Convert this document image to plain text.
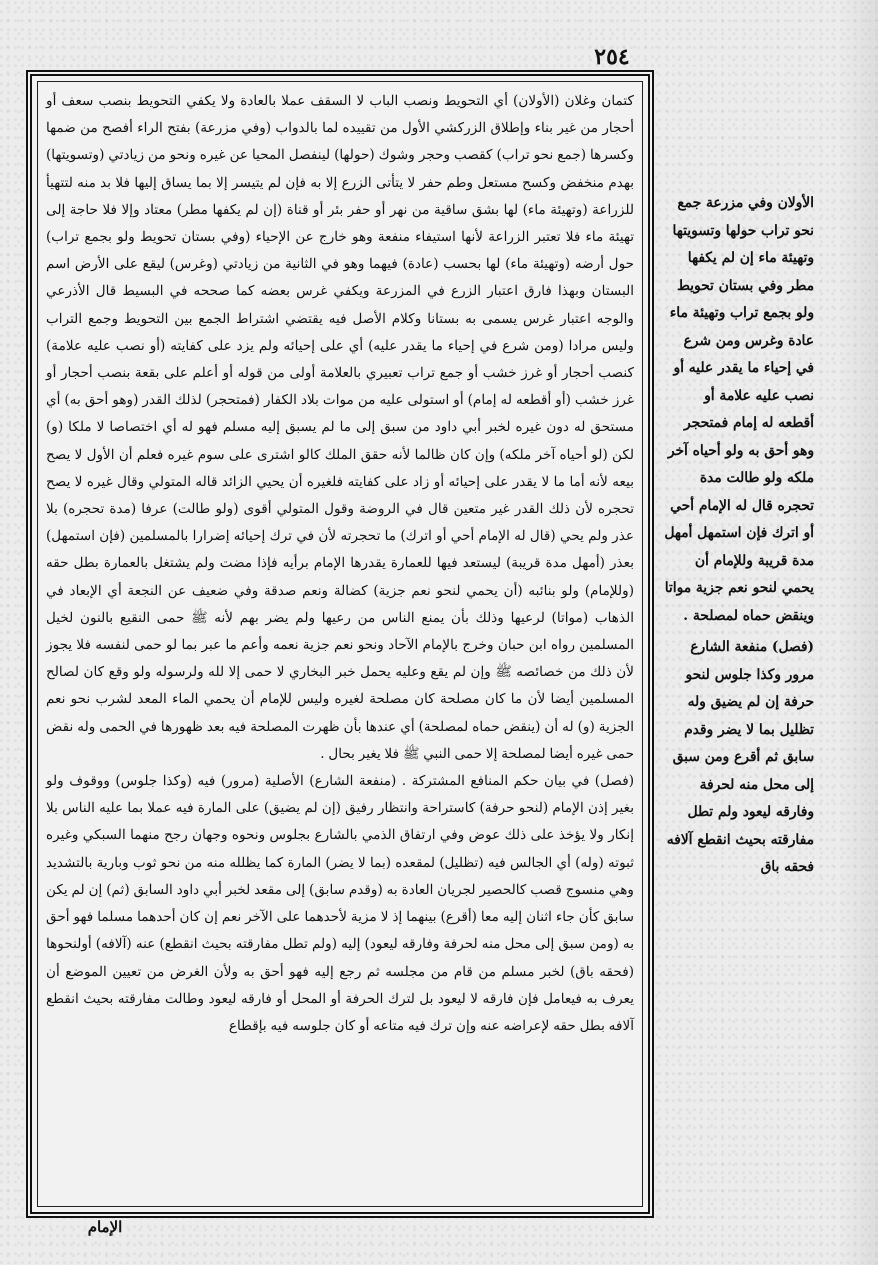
٢٥٤

كتمان وغلان (الأولان) أي التحويط ونصب الباب لا السقف عملا بالعادة ولا يكفي التحويط بنصب سعف أو أحجار من غير بناء وإطلاق الزركشي الأول من تقييده لما بالدواب (وفي مزرعة) بفتح الراء أفصح من ضمها وكسرها (جمع نحو تراب) كقصب وحجر وشوك (حولها) لينفصل المحيا عن غيره ونحو من زيادتي (وتسويتها) بهدم منخفض وكسح مستعل وطم حفر لا يتأتى الزرع إلا به فإن لم يتيسر إلا بما يساق إليها فلا بد منه لتتهيأ للزراعة (وتهيئة ماء) لها بشق ساقية من نهر أو حفر بئر أو قناة (إن لم يكفها مطر) معتاد وإلا فلا حاجة إلى تهيئة ماء فلا تعتبر الزراعة لأنها استيفاء منفعة وهو خارج عن الإحياء (وفي بستان تحويط ولو بجمع تراب) حول أرضه (وتهيئة ماء) لها بحسب (عادة) فيهما وهو في الثانية من زيادتي (وغرس) ليقع على الأرض اسم البستان وبهذا فارق اعتبار الزرع في المزرعة ويكفي غرس بعضه كما صححه في البسيط قال الأذرعي والوجه اعتبار غرس يسمى به بستانا وكلام الأصل فيه يقتضي اشتراط الجمع بين التحويط وجمع التراب وليس مرادا (ومن شرع في إحياء ما يقدر عليه) أي على إحيائه ولم يزد على كفايته (أو نصب عليه علامة) كنصب أحجار أو غرز خشب أو جمع تراب تعبيري بالعلامة أولى من قوله أو أعلم على بقعة بنصب أحجار أو غرز خشب (أو أقطعه له إمام) أو استولى عليه من موات بلاد الكفار (فمتحجر) لذلك القدر (وهو أحق به) أي مستحق له دون غيره لخبر أبي داود من سبق إلى ما لم يسبق إليه مسلم فهو له أي اختصاصا لا ملكا (و) لكن (لو أحياه آخر ملكه) وإن كان ظالما لأنه حقق الملك كالو اشترى على سوم غيره فعلم أن الأول لا يصح بيعه لأنه أما ما لا يقدر على إحيائه أو زاد على كفايته فلغيره أن يحيي الزائد قاله المتولي وقال غيره لا يصح تحجره لأن ذلك القدر غير متعين قال في الروضة وقول المتولي أقوى (ولو طالت) عرفا (مدة تحجره) بلا عذر ولم يحي (قال له الإمام أحي أو اترك) ما تحجرته لأن في ترك إحيائه إضرارا بالمسلمين (فإن استمهل) بعذر (أمهل مدة قريبة) ليستعد فيها للعمارة يقدرها الإمام برأيه فإذا مضت ولم يشتغل بالعمارة بطل حقه (وللإمام) ولو بنائبه (أن يحمي لنحو نعم جزية) كضالة ونعم صدقة وفي ضعيف عن النجعة أي الإبعاد في الذهاب (مواتا) لرعيها وذلك بأن يمنع الناس من رعيها ولم يضر بهم لأنه ﷺ حمى النقيع بالنون لخيل المسلمين رواه ابن حبان وخرج بالإمام الآحاد ونحو نعم جزية نعمه وأعم ما عبر بما لو حمى لنفسه فلا يجوز لأن ذلك من خصائصه ﷺ وإن لم يقع وعليه يحمل خبر البخاري لا حمى إلا لله ولرسوله ولو وقع كان لصالح المسلمين أيضا لأن ما كان مصلحة كان مصلحة لغيره وليس للإمام أن يحمي الماء المعد لشرب نحو نعم الجزية (و) له أن (ينقض حماه لمصلحة) أي عندها بأن ظهرت المصلحة فيه بعد ظهورها في الحمى وله نقض حمى غيره أيضا لمصلحة إلا حمى النبي ﷺ فلا يغير بحال .

(فصل) في بيان حكم المنافع المشتركة . (منفعة الشارع) الأصلية (مرور) فيه (وكذا جلوس) ووقوف ولو بغير إذن الإمام (لنحو حرفة) كاستراحة وانتظار رفيق (إن لم يضيق) على المارة فيه عملا بما عليه الناس بلا إنكار ولا يؤخذ على ذلك عوض وفي ارتفاق الذمي بالشارع بجلوس ونحوه وجهان رجح منهما السبكي وغيره ثبوته (وله) أي الجالس فيه (تظليل) لمقعده (بما لا يضر) المارة كما يظلله منه من نحو ثوب وبارية بالتشديد وهي منسوج قصب كالحصير لجريان العادة به (وقدم سابق) إلى مقعد لخبر أبي داود السابق (ثم) إن لم يكن سابق كأن جاء اثنان إليه معا (أقرع) بينهما إذ لا مزية لأحدهما على الآخر نعم إن كان أحدهما مسلما فهو أحق به (ومن سبق إلى محل منه لحرفة وفارقه ليعود) إليه (ولم تطل مفارقته بحيث انقطع) عنه (آلافه) أولنحوها (فحقه باق) لخبر مسلم من قام من مجلسه ثم رجع إليه فهو أحق به ولأن الغرض من تعيين الموضع أن يعرف به فيعامل فإن فارقه لا ليعود بل لترك الحرفة أو المحل أو فارقه ليعود وطالت مفارقته بحيث انقطع آلافه بطل حقه لإعراضه عنه وإن ترك فيه متاعه أو كان جلوسه فيه بإقطاع

الأولان وفي مزرعة جمع نحو تراب حولها وتسويتها وتهيئة ماء إن لم يكفها مطر وفي بستان تحويط ولو بجمع تراب وتهيئة ماء عادة وغرس ومن شرع في إحياء ما يقدر عليه أو نصب عليه علامة أو أقطعه له إمام فمتحجر وهو أحق به ولو أحياه آخر ملكه ولو طالت مدة تحجره قال له الإمام أحي أو اترك فإن استمهل أمهل مدة قريبة وللإمام أن يحمي لنحو نعم جزية مواتا وينقض حماه لمصلحة .

(فصل) منفعة الشارع مرور وكذا جلوس لنحو حرفة إن لم يضيق وله تظليل بما لا يضر وقدم سابق ثم أقرع ومن سبق إلى محل منه لحرفة وفارقه ليعود ولم تطل مفارقته بحيث انقطع آلافه فحقه باق

الإمام
